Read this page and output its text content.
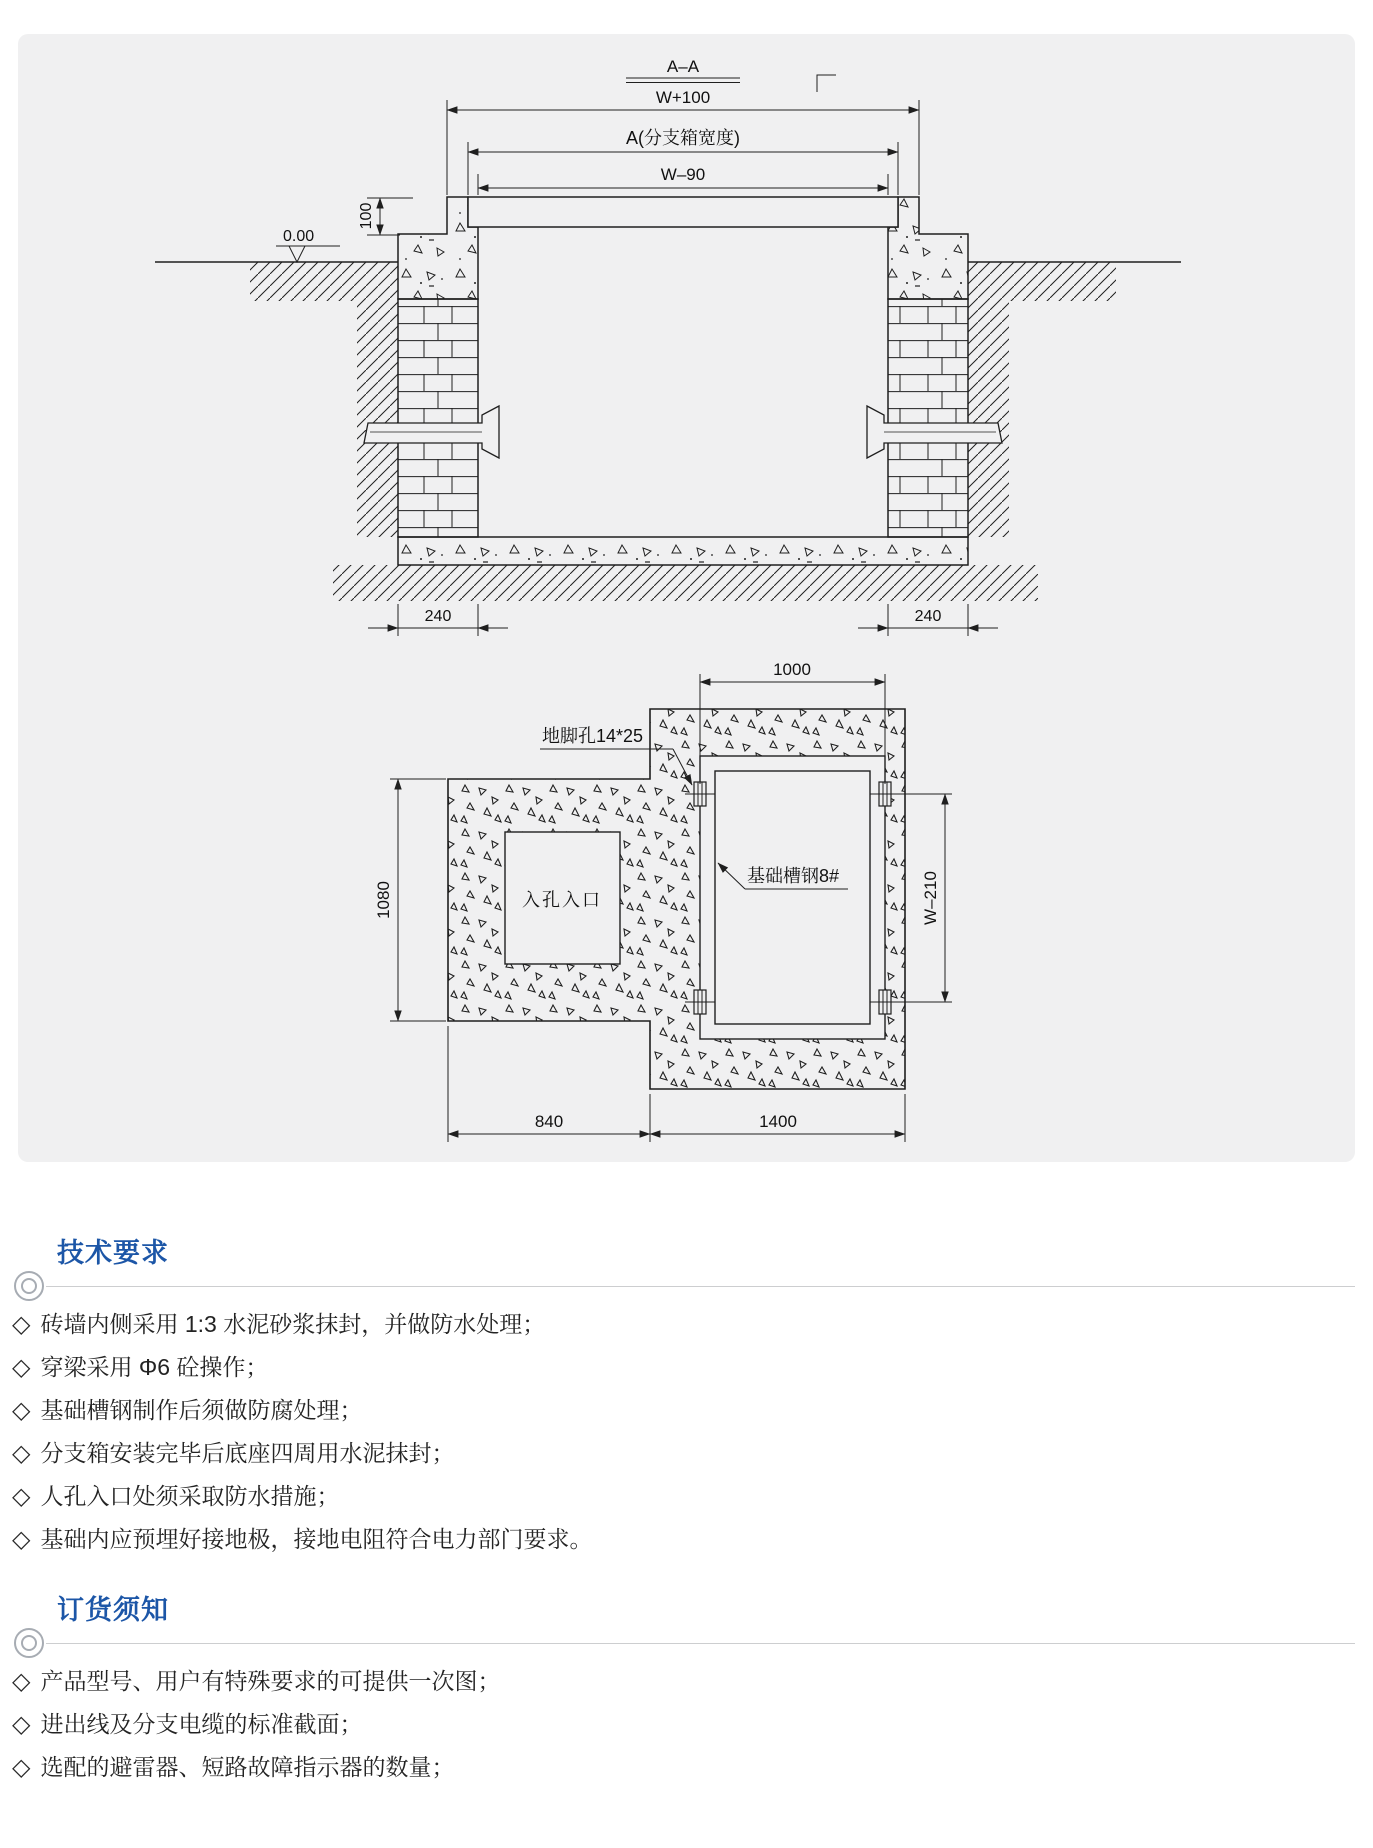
A–A
W+100
A(分支箱宽度)
W–90
0.00
100
240	240
入孔入口
1000
1080	W–210
840	1400
地脚孔14*25
基础槽钢8#
技术要求
◇ 砖墙内侧采用 1:3 水泥砂浆抹封，并做防水处理；
◇ 穿梁采用 Φ6 砼操作；
◇ 基础槽钢制作后须做防腐处理；
◇ 分支箱安装完毕后底座四周用水泥抹封；
◇ 人孔入口处须采取防水措施；
◇ 基础内应预埋好接地极，接地电阻符合电力部门要求。
订货须知
◇ 产品型号、用户有特殊要求的可提供一次图；
◇ 进出线及分支电缆的标准截面；
◇ 选配的避雷器、短路故障指示器的数量；
